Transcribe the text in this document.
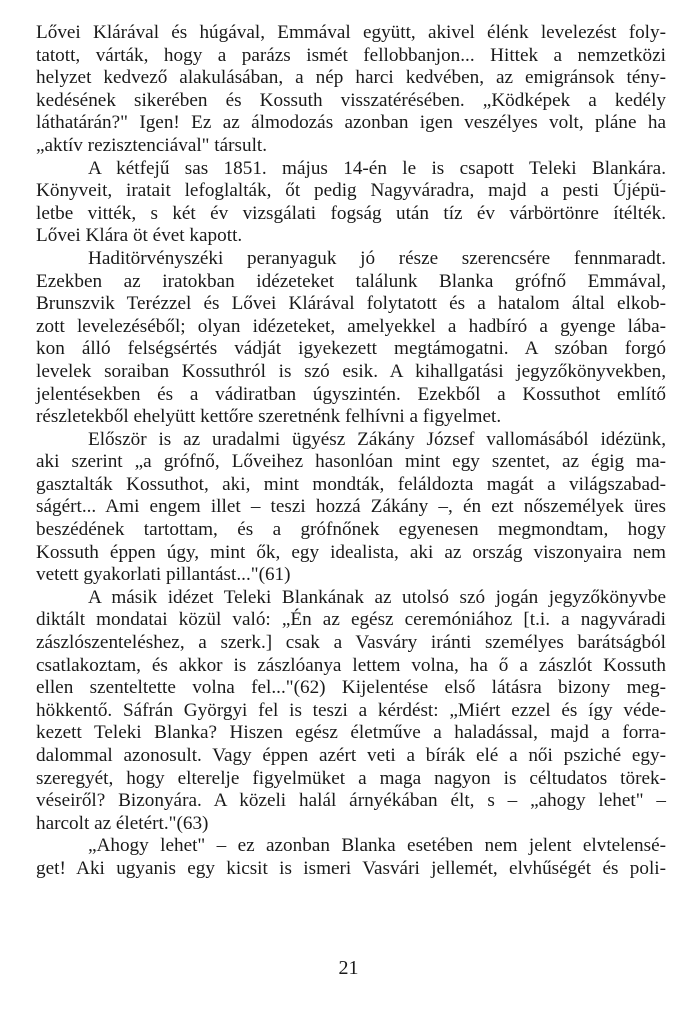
Lővei Klárával és húgával, Emmával együtt, akivel élénk levelezést foly-
tatott, várták, hogy a parázs ismét fellobbanjon... Hittek a nemzetközi
helyzet kedvező alakulásában, a nép harci kedvében, az emigránsok tény-
kedésének sikerében és Kossuth visszatérésében. „Ködképek a kedély
láthatárán?" Igen! Ez az álmodozás azonban igen veszélyes volt, pláne ha
„aktív rezisztenciával" társult.
A kétfejű sas 1851. május 14-én le is csapott Teleki Blankára.
Könyveit, iratait lefoglalták, őt pedig Nagyváradra, majd a pesti Újépü-
letbe vitték, s két év vizsgálati fogság után tíz év várbörtönre ítélték.
Lővei Klára öt évet kapott.
Haditörvényszéki peranyaguk jó része szerencsére fennmaradt.
Ezekben az iratokban idézeteket találunk Blanka grófnő Emmával,
Brunszvik Terézzel és Lővei Klárával folytatott és a hatalom által elkob-
zott levelezéséből; olyan idézeteket, amelyekkel a hadbíró a gyenge lába-
kon álló felségsértés vádját igyekezett megtámogatni. A szóban forgó
levelek soraiban Kossuthról is szó esik. A kihallgatási jegyzőkönyvekben,
jelentésekben és a vádiratban úgyszintén. Ezekből a Kossuthot említő
részletekből ehelyütt kettőre szeretnénk felhívni a figyelmet.
Először is az uradalmi ügyész Zákány József vallomásából idézünk,
aki szerint „a grófnő, Lőveihez hasonlóan mint egy szentet, az égig ma-
gasztalták Kossuthot, aki, mint mondták, feláldozta magát a világszabad-
ságért... Ami engem illet – teszi hozzá Zákány –, én ezt nőszemélyek üres
beszédének tartottam, és a grófnőnek egyenesen megmondtam, hogy
Kossuth éppen úgy, mint ők, egy idealista, aki az ország viszonyaira nem
vetett gyakorlati pillantást..."(61)
A másik idézet Teleki Blankának az utolsó szó jogán jegyzőkönyvbe
diktált mondatai közül való: „Én az egész ceremóniához [t.i. a nagyváradi
zászlószenteléshez, a szerk.] csak a Vasváry iránti személyes barátságból
csatlakoztam, és akkor is zászlóanya lettem volna, ha ő a zászlót Kossuth
ellen szenteltette volna fel..."(62) Kijelentése első látásra bizony meg-
hökkentő. Sáfrán Györgyi fel is teszi a kérdést: „Miért ezzel és így véde-
kezett Teleki Blanka? Hiszen egész életműve a haladással, majd a forra-
dalommal azonosult. Vagy éppen azért veti a bírák elé a női psziché egy-
szeregyét, hogy elterelje figyelmüket a maga nagyon is céltudatos törek-
véseiről? Bizonyára. A közeli halál árnyékában élt, s – „ahogy lehet" –
harcolt az életért."(63)
„Ahogy lehet" – ez azonban Blanka esetében nem jelent elvtelensé-
get! Aki ugyanis egy kicsit is ismeri Vasvári jellemét, elvhűségét és poli-
21
